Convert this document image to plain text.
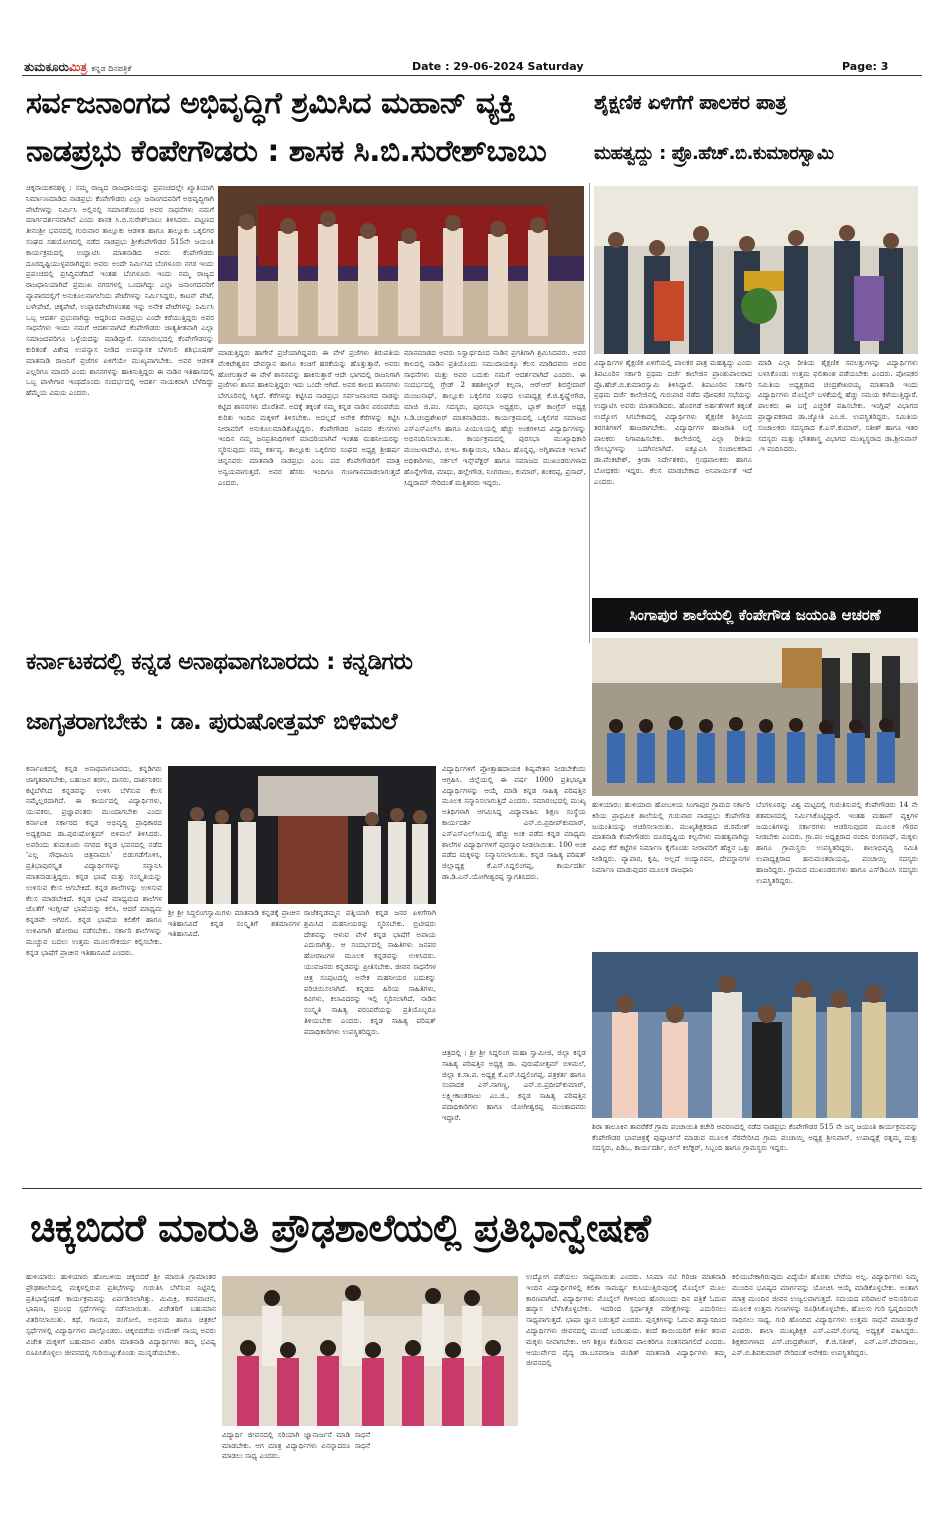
ತುಮಕೂರುಮಿತ್ರ ಕನ್ನಡ ದಿನಪತ್ರಿಕೆ	Date : 29-06-2024 Saturday	Page: 3
ಸರ್ವಜನಾಂಗದ ಅಭಿವೃದ್ಧಿಗೆ ಶ್ರಮಿಸಿದ ಮಹಾನ್ ವ್ಯಕ್ತಿ
ನಾಡಪ್ರಭು ಕೆಂಪೇಗೌಡರು : ಶಾಸಕ ಸಿ.ಬಿ.ಸುರೇಶ್‌ಬಾಬು
ಚಿಕ್ಕನಾಯಕನಹಳ್ಳಿ : ನಮ್ಮ ರಾಜ್ಯದ ರಾಜಧಾನಿಯನ್ನು ಪ್ರಪಂಚದಲ್ಲೇ ಖ್ಯಾತಿಯಾಗಿ ನಿರ್ಮಾಣಮಾಡಿದ ನಾಡಪ್ರಭು ಕೆಂಪೇಗೌಡರು ಎಲ್ಲಾ ಜನಾಂಗದವರಿಗೆ ಅಭಿವೃದ್ಧಿಗಾಗಿ ಪೇಟೆಗಳನ್ನು ನಿರ್ಮಿಸಿ ಅಲ್ಲಿನಲ್ಲಿ ಸಮಾನತೆಯಿಂದ ಅವರ ಸಾಧನೆಗಳು ನಮಗೆ ಮಾರ್ಗದರ್ಶನವಾಗಿವೆ ಎಂದು ಶಾಸಕ ಸಿ.ಬಿ.ಸುರೇಶ್‌ಬಾಬು ತಿಳಿಸಿದರು. ಪಟ್ಟಣದ ತೀನಂಶ್ರೀ ಭವನದಲ್ಲಿ ಗುರುವಾರ ತಾಲ್ಲೂಕು ಆಡಳಿತ ಹಾಗೂ ತಾಲ್ಲೂಕು ಒಕ್ಕಲಿಗರ ಸಂಘದ ಸಹಯೋಗದಲ್ಲಿ ನಡೆದ ನಾಡಪ್ರಭು ಶ್ರೀಕೆಂಪೇಗೌಡರ 515ನೇ ಜಯಂತಿ ಕಾರ್ಯಕ್ರಮದಲ್ಲಿ ಉದ್ಘಾಟಿಸಿ ಮಾತನಾಡಿದ ಅವರು ಕೆಂಪೇಗೌಡರು ದೂರದೃಷ್ಟಿಯುಳ್ಳವರಾಗಿದ್ದರು ಅವರು ಅಂದೇ ನಿರ್ಮಿಸಿದ ಬೆಂಗಳೂರು ನಗರ ಇಂದು ಪ್ರಪಂಚದಲ್ಲಿ ಪ್ರಸಿದ್ಧಿಪಡೆದಿದೆ ಇಂತಹ ಬೆಂಗಳೂರು ಇಂದು ನಮ್ಮ ರಾಜ್ಯದ ರಾಜಧಾನಿಯಾಗಿದೆ ಪ್ರಮುಖ ನಗರಗಳಲ್ಲಿ ಒಂದಾಗಿದ್ದು ಎಲ್ಲಾ ಜನಾಂಗದವರಿಗೆ ವ್ಯಾಪಾರದಲ್ಲಿಗೆ ಅನುಕೂಲವಾಗಲೆಂದು ಪೇಟೆಗಳನ್ನು ನಿರ್ಮಿಸಿದ್ದರು, ಕಾಟನ್ ಪೇಟೆ, ಬಳೇಪೇಟೆ, ಚಿಕ್ಕಪೇಟೆ, ಉಪ್ಪಾರಪೇಟೆಗಳಂತಹ ಇನ್ನು ಅನೇಕ ಪೇಟೆಗಳನ್ನು ನಿರ್ಮಿಸಿ ಒಬ್ಬ ಆದರ್ಶ ಪ್ರಭುವಾಗಿದ್ದು ಆದ್ದರಿಂದ ನಾಡಪ್ರಭು ಎಂದೇ ಕರೆಯುತ್ತಿದ್ದರು ಅವರ ಸಾಧನೆಗಳು ಇಂದು ನಮಗೆ ಆದರ್ಶವಾಗಿದೆ ಕೆಂಪೇಗೌಡರು ಜಾತ್ಯತೀತವಾಗಿ ಎಲ್ಲಾ ಸಮಾಜದವರಿಗೂ ಒಳ್ಳೆಯದನ್ನು ಮಾಡಿದ್ದಾರೆ. ಸಮಾರಂಭದಲ್ಲಿ ಕೆಂಪೇಗೌಡರನ್ನು ಕುರಿತಂತೆ ವಿಶೇಷ ಉಪನ್ಯಾಸ ನೀಡಿದ ಉಪನ್ಯಾಸಕ ಬೆಳಗುಲಿ ಶಶಿಭೂಷಣ್ ಮಾತನಾಡಿ ರಾಜನಿಗೆ ಪ್ರಜೆಗಳ ಏಳಿಗೆಯೇ ಮುಖ್ಯವಾಗಬೇಕು. ಅವರ ಆಡಳಿತ ಎಲ್ಲರಿಗೂ ಮಾದರಿ ಎಂದು ಶಾಸನಗಳನ್ನು ಹಾಕಿಸುತ್ತಿದ್ದರು ಈ ನಾಡಿನ ಇತಿಹಾಸದಲ್ಲಿ ಒಬ್ಬ ಪಾಳೇಗಾರ ಇಂಥದೊಂದು ಸಂದರ್ಭದಲ್ಲಿ ಆದರ್ಶ ನಾಯಕರಾಗಿ ಬೆಳೆದಿದ್ದು ಹೆಮ್ಮೆಯ ವಿಷಯ ಎಂದರು.
ಮಾಡುತ್ತಿದ್ದರು ಹಾಗೇನೆ ಪ್ರಜೆಯಾಗಿದ್ದವರು ಈ ವೇಳೆ ಪ್ರಜೆಗಳು ತಿರುಪತಿಯ ವೆಂಕಟೇಶ್ವರನ ದೇವಸ್ಥಾನ ಹಾಗೂ ಕಂಚಿಗೆ ಹರಕೆಯನ್ನು ಹೊತ್ತುತ್ತಾರೆ. ಅವರು ಹೋಗುತ್ತಾರೆ ಈ ವೇಳೆ ಶಾಸನವನ್ನು ಹಾಕಿಸುತ್ತಾರೆ ಆದೇ ಭಾಗದಲ್ಲಿ ರಾಜನಿಗಾಗಿ ಪ್ರಜೆಗಳು ಶಾಸನ ಹಾಕಿಸುತ್ತಿದ್ದರು ಇದು ಒಂದೇ ಆಗಿದೆ. ಅವರ ಕಾಲದ ಶಾಸನಗಳು ಬೇಗೂರಿನಲ್ಲಿ ಸಿಕ್ಕಿದೆ. ಕೆರೆಗಳನ್ನು ಕಟ್ಟಿಸಿದ ನಾಡಪ್ರಭು ಸರ್ವಜನಾಂಗದ ನಾಡನ್ನು ಕಟ್ಟಿದ ಶಾಸನಗಳು ದೊರೆತಿವೆ. ಅದಕ್ಕೆ ತಕ್ಕಂತೆ ನಮ್ಮ ಕನ್ನಡ ನಾಡಿನ ಪರಂಪರೆಯ ಕುರಿತು ಇಂದಿನ ಮಕ್ಕಳಿಗೆ ತಿಳಿಸಬೇಕು. ಅದಲ್ಲದೆ ಅನೇಕ ಕೆರೆಗಳನ್ನು ಕಟ್ಟಿಸಿ ನೀರಾವರಿಗೆ ಅನುಕೂಲಮಾಡಿಕೊಟ್ಟಿದ್ದರು. ಕೆಂಪೇಗೌಡರ ಜನಪರ ಕೆಲಸಗಳು ಇಂದಿನ ನಮ್ಮ ಜನಪ್ರತಿನಿಧಿಗಳಿಗೆ ಮಾದರಿಯಾಗಿವೆ ಇಂತಹ ಮಹನೀಯರನ್ನು ಸ್ಮರಿಸುವುದು ನಮ್ಮ ಕರ್ತವ್ಯ. ತಾಲ್ಲೂಕು ಒಕ್ಕಲಿಗರ ಸಂಘದ ಅಧ್ಯಕ್ಷ ಶ್ರೀಹರ್ಷ ಚಿನ್ನನವರು ಮಾತನಾಡಿ ನಾಡಪ್ರಭು ಎಂಬ ಪದ ಕೆಂಪೇಗೌಡರಿಗೆ ಮಾತ್ರ ಅನ್ವಯವಾಗುತ್ತದೆ. ಅವರ ಹೆಸರು ಇಂದಿಗೂ ಗುಣಗಾನಮಾಡಲಾಗುತ್ತದೆ ಎಂದರು.
ಮಾನಮಾಡದ ಅವರು ನಿಸ್ವಾರ್ಥದಿಂದ ನಾಡಿನ ಪ್ರಗತಿಗಾಗಿ ಶ್ರಮಿಸಿದವರು. ಅವರ ಕಾಲದಲ್ಲಿ ನಾಡಿನ ಪ್ರತಿಯೊಂದು ಸಮುದಾಯಕ್ಕೂ ಕೆಲಸ ಮಾಡಿದವರು ಅವರ ಸಾಧನೆಗಳು ಮತ್ತು ಅವರ ಬದುಕು ನಮಗೆ ಆದರ್ಶವಾಗಿದೆ ಎಂದರು. ಈ ಸಂದರ್ಭದಲ್ಲಿ ಗ್ರೇಡ್ 2 ತಹಶೀಲ್ದಾರ್ ಕಲ್ಪನಾ, ಆರ್‌ಆರ್ ಶಿರಸ್ತೇದಾರ್ ಮಂಜುನಾಥ್, ತಾಲ್ಲೂಕು ಒಕ್ಕಲಿಗರ ಸಂಘದ ಉಪಾಧ್ಯಕ್ಷ ಕೆ.ಜಿ.ಕೃಷ್ಣೇಗೌಡ, ಮಾಜಿ ಜಿ.ಪಂ. ಸದಸ್ಯರು, ಪುರಸಭಾ ಅಧ್ಯಕ್ಷರು, ಬ್ಲಾಕ್ ಕಾಂಗ್ರೆಸ್ ಅಧ್ಯಕ್ಷ ಸಿ.ಡಿ.ಚಂದ್ರಶೇಖರ್ ಮಾತನಾಡಿದರು. ಕಾರ್ಯಕ್ರಮದಲ್ಲಿ ಒಕ್ಕಲಿಗರ ಸಮಾಜದ ಎಸ್‌ಎಸ್‌ಎಲ್‌ಸಿ ಹಾಗೂ ಪಿಯುಸಿಯಲ್ಲಿ ಹೆಚ್ಚು ಅಂಕಗಳಿಸಿದ ವಿದ್ಯಾರ್ಥಿಗಳನ್ನು ಅಭಿನಂದಿಸಲಾಯಿತು. ಕಾರ್ಯಕ್ರಮದಲ್ಲಿ ಪುರಸಭಾ ಮುಖ್ಯಾಧಿಕಾರಿ ಮಂಜುಳಾದೇವಿ, ಬಿಇಒ ಕಾತ್ಯಾಯಿನಿ, ಸಿಡಿಪಿಒ ಹೊನ್ನಪ್ಪ, ಅಗ್ನಿಶಾಮಕ ಇಲಾಖೆ ಅಧಿಕಾರಿಗಳು, ಸರ್ಕಲ್ ಇನ್ಸ್‌ಪೆಕ್ಟರ್ ಹಾಗೂ ಸಮಾಜದ ಮುಖಂಡರುಗಳಾದ ಹೊನ್ನೇಗೌಡ, ಮಾಧು, ಹಲ್ಲೇಗೌಡ, ನಿಂಗರಾಜು, ಕುಮಾರ್, ಶಂಕರಪ್ಪ, ಪ್ರಸಾದ್, ಸಿದ್ದರಾಮ್ ಸೇರಿದಂತೆ ಮತ್ತಿತರರು ಇದ್ದರು.
ಶೈಕ್ಷಣಿಕ ಏಳಿಗೆಗೆ ಪಾಲಕರ ಪಾತ್ರ
ಮಹತ್ವದ್ದು : ಪ್ರೊ.ಹೆಚ್.ಬಿ.ಕುಮಾರಸ್ವಾಮಿ
ವಿದ್ಯಾರ್ಥಿಗಳ ಶೈಕ್ಷಣಿಕ ಏಳಿಗೆಯಲ್ಲಿ ಪಾಲಕರ ಪಾತ್ರ ಮಹತ್ವದ್ದು ಎಂದು ತಿಪಟೂರಿನ ಸರ್ಕಾರಿ ಪ್ರಥಮ ದರ್ಜೆ ಕಾಲೇಜಿನ ಪ್ರಾಂಶುಪಾಲರಾದ ಪ್ರೊ.ಹೆಚ್.ಬಿ.ಕುಮಾರಸ್ವಾಮಿ ತಿಳಿಸಿದ್ದಾರೆ. ತಿಪಟೂರಿನ ಸರ್ಕಾರಿ ಪ್ರಥಮ ದರ್ಜೆ ಕಾಲೇಜಿನಲ್ಲಿ ಗುರುವಾರ ನಡೆದ ಪೋಷಕರ ಸಭೆಯನ್ನು ಉದ್ಘಾಟಿಸಿ ಅವರು ಮಾತನಾಡಿದರು. ಹೊರಗಡೆ ಅರ್ಹತೆಗಳಿಗೆ ತಕ್ಕಂತೆ ಉದ್ಯೋಗ ಸಿಗಬೇಕಾದಲ್ಲಿ ವಿದ್ಯಾರ್ಥಿಗಳು ಶೈಕ್ಷಣಿಕ ಶಿಸ್ತಿನಿಂದ ತರಗತಿಗಳಿಗೆ ಹಾಜರಾಗಬೇಕು. ವಿದ್ಯಾರ್ಥಿಗಳ ಹಾಜರಾತಿ ಬಗ್ಗೆ ಪಾಲಕರು ನಿಗಾವಹಿಸಬೇಕು. ಕಾಲೇಜಿನಲ್ಲಿ ಎಲ್ಲಾ ರೀತಿಯ ಸೌಲಭ್ಯಗಳನ್ನು ಒದಗಿಸಲಾಗಿದೆ. ಐಕ್ಯೂಎಸಿ ಸಂಚಾಲಕರಾದ ಡಾ.ವೆಂಕಟೇಶ್, ಕ್ರೀಡಾ ನಿರ್ದೇಶಕರು, ಗ್ರಂಥಪಾಲಕರು ಹಾಗೂ ಬೋಧಕರು ಇದ್ದರು. ಕೆಲಸ ಮಾಡಬೇಕಾದ ಅನಿವಾರ್ಯತೆ ಇದೆ ಎಂದರು.
ಮಾಡಿ ಎಲ್ಲಾ ರೀತಿಯ ಶೈಕ್ಷಣಿಕ ಸವಲತ್ತುಗಳನ್ನು ವಿದ್ಯಾರ್ಥಿಗಳು ಬಳಸಿಕೊಂಡು ಉತ್ತಮ ಫಲಿತಾಂಶ ಪಡೆಯಬೇಕು ಎಂದರು. ಪೋಷಕರ ಸಮಿತಿಯ ಅಧ್ಯಕ್ಷರಾದ ಚಂದ್ರಶೇಖರಯ್ಯ ಮಾತನಾಡಿ ಇಂದು ವಿದ್ಯಾರ್ಥಿಗಳು ಮೊಬೈಲ್ ಬಳಕೆಯಲ್ಲಿ ಹೆಚ್ಚು ಸಮಯ ಕಳೆಯುತ್ತಿದ್ದಾರೆ. ಪಾಲಕರು ಈ ಬಗ್ಗೆ ಎಚ್ಚರಿಕೆ ವಹಿಸಬೇಕು. ಇಂಗ್ಲಿಷ್ ವಿಭಾಗದ ಪ್ರಾಧ್ಯಾಪಕರಾದ ಡಾ.ಜ್ಯೋತಿ ಎಂ.ಜಿ. ಉಪಸ್ಥಿತರಿದ್ದರು. ಸಮಿತಿಯ ಸಂಚಾಲಕರು ಸದಸ್ಯರಾದ ಕೆ.ಎಸ್.ಕುಮಾರ್, ಸತೀಶ್ ಹಾಗೂ ಇತರ ಸದಸ್ಯರು ಮತ್ತು ಭೌತಶಾಸ್ತ್ರ ವಿಭಾಗದ ಮುಖ್ಯಸ್ಥರಾದ ಡಾ.ಶ್ರೀನಿವಾಸ್ .ಇ ವಂದಿಸಿದರು.
ಸಿಂಗಾಪುರ ಶಾಲೆಯಲ್ಲಿ ಕೆಂಪೇಗೌಡ ಜಯಂತಿ ಆಚರಣೆ
ಹುಳಿಯಾರು: ಹುಳಿಯಾರು ಹೋಬಳಿಯ ಸಿಂಗಾಪುರ ಗ್ರಾಮದ ಸರ್ಕಾರಿ ಕಿರಿಯ ಪ್ರಾಥಮಿಕ ಶಾಲೆಯಲ್ಲಿ ಗುರುವಾರ ನಾಡಪ್ರಭು ಕೆಂಪೇಗೌಡ ಜಯಂತಿಯನ್ನು ಆಚರಿಸಲಾಯಿತು. ಮುಖ್ಯಶಿಕ್ಷಕರಾದ ಜಿ.ರಮೇಶ್ ಮಾತನಾಡಿ ಕೆಂಪೇಗೌಡರು ದೂರದೃಷ್ಟಿಯ ಕಲ್ಪನೆಗಳು ಮಹತ್ವವಾಗಿದ್ದು ವಿವಿಧ ಕೆರೆ ಕಟ್ಟೆಗಳ ನಿರ್ಮಾಣ ಕೈಗೊಂಡು ನೀರಾವರಿಗೆ ಹೆಚ್ಚಿನ ಒತ್ತು ನೀಡಿದ್ದರು. ವ್ಯಾಪಾರ, ಕೃಷಿ, ಅಲ್ಲದೆ ಉದ್ಯಾನವನ, ದೇವಸ್ಥಾನಗಳ ನಿರ್ಮಾಣ ಮಾಡುವುದರ ಮೂಲಕ ರಾಜಧಾನಿ
ಬೆಂಗಳೂರನ್ನು ವಿಶ್ವ ಮಟ್ಟದಲ್ಲಿ ಗುರುತಿಸುವಲ್ಲಿ ಕೆಂಪೇಗೌಡರು 14 ನೇ ಶತಮಾನದಲ್ಲಿ ನಿರ್ಮಿಸಿಕೊಟ್ಟಿದ್ದಾರೆ. ಇಂತಹ ಮಹಾನ್ ವ್ಯಕ್ತಿಗಳ ಜಯಂತಿಗಳನ್ನು ಸರ್ಕಾರಗಳು ಆಚರಿಸುವುದರ ಮೂಲಕ ಗೌರವ ನೀಡಬೇಕು ಎಂದರು. ಗ್ರಾ.ಪಂ ಅಧ್ಯಕ್ಷರಾದ ನಂದಿನಿ ರಂಗನಾಥ್, ಮಕ್ಕಳು ಹಾಗೂ ಗ್ರಾಮಸ್ಥರು ಉಪಸ್ಥಿತರಿದ್ದರು. ಶಾಲಾಭಿವೃದ್ಧಿ ಸಮಿತಿ ಉಪಾಧ್ಯಕ್ಷರಾದ ಹನುಮಂತರಾಯಪ್ಪ, ಪಂಚಾಯ್ತಿ ಸದಸ್ಯರು ಹಾಜರಿದ್ದರು. ಗ್ರಾಮದ ಮುಖಂಡರುಗಳು ಹಾಗೂ ಎಸ್‌ಡಿಎಂಸಿ ಸದಸ್ಯರು ಉಪಸ್ಥಿತರಿದ್ದರು.
ಶಿರಾ ತಾಲೂಕಿನ ತಾವರೆಕೆರೆ ಗ್ರಾಮ ಪಂಚಾಯಿತಿ ಕಚೇರಿ ಆವರಣದಲ್ಲಿ ನಡೆದ ನಾಡಪ್ರಭು ಕೆಂಪೇಗೌಡರ 515 ನೇ ಜನ್ಮ ಜಯಂತಿ ಕಾರ್ಯಕ್ರಮವನ್ನು ಕೆಂಪೇಗೌಡರ ಭಾವಚಿತ್ರಕ್ಕೆ ಪುಷ್ಪಾರ್ಚನೆ ಮಾಡುವ ಮೂಲಕ ನೆರವೇರಿಸಿದ ಗ್ರಾಮ ಪಂಚಾಯ್ತಿ ಅಧ್ಯಕ್ಷ ಶ್ರೀನಿವಾಸ್, ಉಪಾಧ್ಯಕ್ಷೆ ರತ್ನಮ್ಮ ಮತ್ತು ಸದಸ್ಯರು, ಪಿಡಿಒ, ಕಾರ್ಯದರ್ಶಿ, ಬಿಲ್ ಕಲೆಕ್ಟರ್, ಸಿಬ್ಬಂದಿ ಹಾಗೂ ಗ್ರಾಮಸ್ಥರು ಇದ್ದರು.
ಕರ್ನಾಟಕದಲ್ಲಿ ಕನ್ನಡ ಅನಾಥವಾಗಬಾರದು : ಕನ್ನಡಿಗರು
ಜಾಗೃತರಾಗಬೇಕು : ಡಾ. ಪುರುಷೋತ್ತಮ್ ಬಿಳಿಮಲೆ
ಕರ್ನಾಟಕದಲ್ಲಿ ಕನ್ನಡ ಅನಾಥವಾಗಬಾರದು, ಕನ್ನಡಿಗರು ಜಾಗೃತರಾಗಬೇಕು, ಬಹುಜನ ತರಗು, ದಾಸರು, ದಾರ್ಶನಿಕರು ಕಟ್ಟಿಬೆಳೆಸಿದ ಕನ್ನಡವನ್ನು ಉಳಿಸಿ ಬೆಳೆಸುವ ಕೆಲಸ ನಮ್ಮೆಲ್ಲರದಾಗಿದೆ. ಈ ಕಾರ್ಯದಲ್ಲಿ ವಿದ್ಯಾರ್ಥಿಗಳು, ಯುವಕರು, ಪ್ರಜ್ಞಾವಂತರು ಮುಂದಾಗಬೇಕು ಎಂದು ಕರ್ನಾಟಕ ಸರ್ಕಾರದ ಕನ್ನಡ ಅಭಿವೃದ್ಧಿ ಪ್ರಾಧಿಕಾರದ ಅಧ್ಯಕ್ಷರಾದ ಡಾ.ಪುರುಷೋತ್ತಮ್ ಬಿಳಿಮಲೆ ತಿಳಿಸಿದರು. ಅವರಿಂದು ತುಮಕೂರು ನಗರದ ಕನ್ನಡ ಭವನದಲ್ಲಿ ನಡೆದ 'ಎಲ್ಲ ಸೌಧಾಮಿನಿ ಚಿತ್ರನಾಮಸಿ' ಬಿಡುಗಡೆಗೊಳಿಸಿ, ಪ್ರತಿಭಾಪುರಸ್ಕೃತ ವಿದ್ಯಾರ್ಥಿಗಳನ್ನು ಸನ್ಮಾನಿಸಿ ಮಾತನಾಡುತ್ತಿದ್ದರು. ಕನ್ನಡ ಭಾಷೆ ಮತ್ತು ಸಂಸ್ಕೃತಿಯನ್ನು ಉಳಿಸುವ ಕೆಲಸ ಆಗಬೇಕಿದೆ. ಕನ್ನಡ ಶಾಲೆಗಳನ್ನು ಉಳಿಸುವ ಕೆಲಸ ಮಾಡಬೇಕಿದೆ. ಕನ್ನಡ ಭಾಷೆ ಮಾಧ್ಯಮದ ಶಾಲೆಗಳ ಜೊತೆಗೆ ಇಂಗ್ಲೀಷ್ ಭಾಷೆಯನ್ನು ಕಲಿಸಿ, ಆದರೆ ಮಾಧ್ಯಮ ಕನ್ನಡವೇ ಆಗಿರಲಿ. ಕನ್ನಡ ಭಾಷೆಯ ಕಲಿಕೆಗೆ ಹಾಗೂ ಉಳಿವಿಗಾಗಿ ಹೋರಾಟ ನಡೆಸಬೇಕು. ಸರ್ಕಾರಿ ಶಾಲೆಗಳನ್ನು ಮುಚ್ಚುವ ಬದಲು ಉತ್ತಮ ಮೂಲಸೌಕರ್ಯ ಕಲ್ಪಿಸಬೇಕು. ಕನ್ನಡ ಭಾಷೆಗೆ ಪ್ರಾಚೀನ ಇತಿಹಾಸವಿದೆ ಎಂದರು.
ಶ್ರೀ ಶ್ರೀ ಸಿದ್ಧಲಿಂಗಸ್ವಾಮಿಗಳು ಮಾತನಾಡಿ ಕನ್ನಡಕ್ಕೆ ಪ್ರಾಚೀನ ಇತಿಹಾಸವಿದೆ ಕನ್ನಡ ಸಂಸ್ಕೃತಿಗೆ ಶತಮಾನಗಳ ಇತಿಹಾಸವಿದೆ.
ರಾಜೆಕನ್ನಡಮ್ಮನ ಪತ್ನಿಯಾಗಿ ಕನ್ನಡ ಜನರ ಏಳಿಗೆಗಾಗಿ ಶ್ರಮಿಸಿದ ಮಹನೀಯರನ್ನು ಸ್ಮರಿಸಬೇಕು. ಬ್ರಿಟೀಷರು ದೇಶವನ್ನು ಆಳುವ ವೇಳೆ ಕನ್ನಡ ಭಾಷೆಗೆ ಅಪಾಯ ಎದುರಾಗಿತ್ತು. ಆ ಸಂದರ್ಭದಲ್ಲಿ ಸಾಹಿತಿಗಳು ಜನಪರ ಹೋರಾಟಗಳ ಮೂಲಕ ಕನ್ನಡವನ್ನು ಉಳಿಸಿದರು. ಯುವಜನರು ಕನ್ನಡವನ್ನು ಪ್ರೀತಿಸಬೇಕು. ಜೀವನ ಸಾಧನೆಗಳ ಚಿತ್ರ ಸಂಪುಟದಲ್ಲಿ ಅನೇಕ ಮಹನೀಯರ ಬದುಕನ್ನು ಪರಿಚಯಿಸಲಾಗಿದೆ. ಕನ್ನಡದ ಹಿರಿಯ ಸಾಹಿತಿಗಳು, ಕವಿಗಳು, ಕಲಾವಿದರನ್ನು ಇಲ್ಲಿ ಸ್ಮರಿಸಲಾಗಿದೆ. ನಾಡಿನ ಸಂಸ್ಕೃತಿ ಸಾಹಿತ್ಯ ಪರಂಪರೆಯನ್ನು ಪ್ರತಿಯೊಬ್ಬರೂ ತಿಳಿಯಬೇಕು ಎಂದರು. ಕನ್ನಡ ಸಾಹಿತ್ಯ ಪರಿಷತ್ ಪದಾಧಿಕಾರಿಗಳು ಉಪಸ್ಥಿತರಿದ್ದರು.
ವಿದ್ಯಾರ್ಥಿಗಳಿಗೆ ಪ್ರೋತ್ಸಾಹದಾಯಕ ಶಿಷ್ಯವೇತನ ನೀಡಬೇಕೆಂದು ಆಗ್ರಹಿಸಿ. ಜಿಲ್ಲೆಯಲ್ಲಿ ಈ ವರ್ಷ 1000 ಪ್ರತಿಭಾನ್ವಿತ ವಿದ್ಯಾರ್ಥಿಗಳನ್ನು ಆಯ್ಕೆ ಮಾಡಿ ಕನ್ನಡ ಸಾಹಿತ್ಯ ಪರಿಷತ್ತಿನ ಮೂಲಕ ಸನ್ಮಾನಿಸಲಾಗುತ್ತಿದೆ ಎಂದರು. ಸಮಾರಂಭದಲ್ಲಿ ಮುಖ್ಯ ಅತಿಥಿಗಳಾಗಿ ಆಗಮಿಸಿದ್ದ ವಿದ್ಯಾವಾಹಿನಿ ಶಿಕ್ಷಣ ಸಂಸ್ಥೆಯ ಕಾರ್ಯದರ್ಶಿ ಎನ್.ಬಿ.ಪ್ರದೀಪ್‌ಕುಮಾರ್, ಎಸ್‌ಎಸ್‌ಎಲ್‌ಸಿಯಲ್ಲಿ ಹೆಚ್ಚು ಅಂಕ ಪಡೆದ ಕನ್ನಡ ಮಾಧ್ಯಮ ಶಾಲೆಗಳ ವಿದ್ಯಾರ್ಥಿಗಳಿಗೆ ಪುರಸ್ಕಾರ ನೀಡಲಾಯಿತು. 100 ಅಂಕ ಪಡೆದ ಮಕ್ಕಳನ್ನು ಸನ್ಮಾನಿಸಲಾಯಿತು. ಕನ್ನಡ ಸಾಹಿತ್ಯ ಪರಿಷತ್ ಜಿಲ್ಲಾಧ್ಯಕ್ಷ ಕೆ.ಎಸ್.ಸಿದ್ದಲಿಂಗಪ್ಪ, ಕಾರ್ಯದರ್ಶಿ ಡಾ.ಡಿ.ಎನ್.ಯೋಗೀಶ್ವರಪ್ಪ ಸ್ವಾಗತಿಸಿದರು.
ಚಿತ್ರದಲ್ಲಿ : ಶ್ರೀ ಶ್ರೀ ಸಿದ್ದಲಿಂಗ ಮಹಾ ಸ್ವಾಮೀಜಿ, ಜಿಲ್ಲಾ ಕನ್ನಡ ಸಾಹಿತ್ಯ ಪರಿಷತ್ತಿನ ಅಧ್ಯಕ್ಷ ಡಾ. ಪುರುಷೋತ್ತಮ್ ಬಿಳಿಮಲೆ, ಜಿಲ್ಲಾ ಕ.ಸಾ.ಪ. ಅಧ್ಯಕ್ಷ ಕೆ.ಎಸ್.ಸಿದ್ದಲಿಂಗಪ್ಪ, ಪತ್ರಕರ್ತ ಹಾಗೂ ಸಂಪಾದಕ ಎಸ್.ನಾಗಣ್ಣ, ಎನ್.ಬಿ.ಪ್ರದೀಪ್‌ಕುಮಾರ್, ಲಕ್ಷ್ಮೀಕಾಂತರಾಜು ಎಂ.ಜಿ., ಕನ್ನಡ ಸಾಹಿತ್ಯ ಪರಿಷತ್ತಿನ ಪದಾಧಿಕಾರಿಗಳು ಹಾಗೂ ಯೋಗೀಶ್ವರಪ್ಪ ಮುಂತಾದವರು ಇದ್ದಾರೆ.
ಚಿಕ್ಕಬಿದರೆ ಮಾರುತಿ ಪ್ರೌಢಶಾಲೆಯಲ್ಲಿ ಪ್ರತಿಭಾನ್ವೇಷಣೆ
ಹುಳಿಯಾರು: ಹುಳಿಯಾರು ಹೋಬಳಿಯ ಚಿಕ್ಕಬಿದರೆ ಶ್ರೀ ಮಾರುತಿ ಗ್ರಾಮಾಂತರ ಪ್ರೌಢಶಾಲೆಯಲ್ಲಿ ಮಕ್ಕಳಲ್ಲಿರುವ ಪ್ರತಿಭೆಗಳನ್ನು ಗುರುತಿಸಿ ಬೆಳೆಸುವ ನಿಟ್ಟಿನಲ್ಲಿ ಪ್ರತಿಭಾನ್ವೇಷಣೆ ಕಾರ್ಯಕ್ರಮವನ್ನು ಏರ್ಪಡಿಸಲಾಗಿತ್ತು. ಮಿಮಿಕ್ರಿ, ಕವನವಾಚನ, ಭಾಷಣ, ಪ್ರಬಂಧ ಸ್ಪರ್ಧೆಗಳನ್ನು ನಡೆಸಲಾಯಿತು. ವಿಜೇತರಿಗೆ ಬಹುಮಾನ ವಿತರಿಸಲಾಯಿತು. ಕಥೆ, ಗಾಯನ, ರಂಗೋಲಿ, ಅಭಿನಯ ಹಾಗೂ ಚಿತ್ರಕಲೆ ಸ್ಪರ್ಧೆಗಳಲ್ಲಿ ವಿದ್ಯಾರ್ಥಿಗಳು ಪಾಲ್ಗೊಂಡರು. ಚಿಕ್ಕಬಿದರೆಯ ಉಮೇಶ್ ನಾಯ್ಕ ಅವರು ವಿಜೇತ ಮಕ್ಕಳಿಗೆ ಬಹುಮಾನ ವಿತರಿಸಿ ಮಾತನಾಡಿ ವಿದ್ಯಾರ್ಥಿಗಳು ತಮ್ಮ ಭವಿಷ್ಯ ರೂಪಿಸಿಕೊಳ್ಳಲು ಜೀವನದಲ್ಲಿ ಗುರಿಯಿಟ್ಟುಕೊಂಡು ಮುನ್ನಡೆಯಬೇಕು.
ವಿದ್ಯಾರ್ಥಿ ಜೀವನದಲ್ಲಿ ಸರಿಯಾಗಿ ಜ್ಞಾನಾರ್ಜನೆ ಮಾಡಿ ಸಾಧನೆ ಮಾಡಬೇಕು. ಆಗ ಮಾತ್ರ ವಿದ್ಯಾರ್ಥಿಗಳು ಏನನ್ನಾದರೂ ಸಾಧನೆ ಮಾಡಲು ಸಾಧ್ಯ ಎಂದರು.
ಉದ್ಯೋಗ ಪಡೆಯಲು ಸಾಧ್ಯವಾಯಿತು ಎಂದರು. ಸಿನಿಮಾ ನಟಿ ಗಿರಿಜಾ ಮಾತನಾಡಿ ಇಂದಿನ ವಿದ್ಯಾರ್ಥಿಗಳಲ್ಲಿ ಕಲಿಕಾ ಸಾಮರ್ಥ್ಯ ಕುಸಿಯುತ್ತಿರುವುದಕ್ಕೆ ಮೊಬೈಲ್ ಮೂಲ ಕಾರಣವಾಗಿದೆ. ವಿದ್ಯಾರ್ಥಿಗಳು ಮೊಬೈಲ್ ಗೀಳಿನಿಂದ ಹೊರಬಂದು ದಿನ ಪತ್ರಿಕೆ ಓದುವ ಹವ್ಯಾಸ ಬೆಳೆಸಿಕೊಳ್ಳಬೇಕು. ಇದರಿಂದ ಸ್ಪರ್ಧಾತ್ಮಕ ಪರೀಕ್ಷೆಗಳನ್ನು ಎದುರಿಸಲು ಸಾಧ್ಯವಾಗುತ್ತದೆ. ಭಾಷಾ ಜ್ಞಾನ ಬರುತ್ತದೆ ಎಂದರು. ಪುಸ್ತಕಗಳನ್ನು ಓದುವ ಹವ್ಯಾಸದಿಂದ ವಿದ್ಯಾರ್ಥಿಗಳು ಜೀವನದಲ್ಲಿ ಮುಂದೆ ಬರಬಹುದು. ತಂದೆ ತಾಯಿಯರಿಗೆ ಕೀರ್ತಿ ತರುವ ಮಕ್ಕಳು ನೀವಾಗಬೇಕು. ಆಗ ಶಿಕ್ಷಣ ಕೊಡಿಸುವ ಪಾಲಕರಿಗೂ ಸಂತಸವಾಗಲಿದೆ ಎಂದರು. ಆಯುರ್ವೇದ ವೈದ್ಯ ಡಾ.ಬಸವರಾಜ ಪಂಡಿತ್ ಮಾತನಾಡಿ ವಿದ್ಯಾರ್ಥಿಗಳು ತಮ್ಮ ಜೀವನದಲ್ಲಿ
ಕಲಿಯಬೇಕಾಗಿರುವುದು ವಿದ್ಯೆಯೇ ಹೊರತು ಬೇರೆಯ ಅಲ್ಲ. ವಿದ್ಯಾರ್ಥಿಗಳು ನಿಮ್ಮ ಮುಂದಿನ ಭವಿಷ್ಯದ ಮಾರ್ಗವನ್ನು ಯೋಚಿಸಿ ಆಯ್ಕೆ ಮಾಡಿಕೊಳ್ಳಬೇಕು. ಅಂತಾಗ ಮಾತ್ರ ಮುಂದಿನ ಜೀವನ ಉಜ್ವಲವಾಗುತ್ತದೆ. ಸಮಯದ ಪರಿಪಾಲನೆ ಅನುಸರಿಸುವ ಮೂಲಕ ಉತ್ತಮ ಗುಣಗಳನ್ನು ರೂಢಿಸಿಕೊಳ್ಳಬೇಕು. ಹೊಲಸು ಗುರಿ ಸ್ವಪ್ನದಿಂದಲೇ ಸಾಧಿಸಲು ಸಾಧ್ಯ. ಗುರಿ ಹೊಂದಿದ ವಿದ್ಯಾರ್ಥಿಗಳು ಉತ್ತಮ ಸಾಧನೆ ಮಾಡುತ್ತಾರೆ ಎಂದರು. ಶಾಲಾ ಮುಖ್ಯಶಿಕ್ಷಕ ಎಸ್.ಎಮ್.ಲಿಂಗಪ್ಪ ಅಧ್ಯಕ್ಷತೆ ವಹಿಸಿದ್ದರು. ಶಿಕ್ಷಕರುಗಳಾದ ಎಸ್.ಚಂದ್ರಶೇಖರ್, ಕೆ.ಜಿ.ಸತೀಶ್, ಎನ್.ಎಸ್.ದೇವರಾಜು, ಎಸ್.ಬಿ.ಶಿವಕುಮಾರ್ ಸೇರಿದಂತೆ ಅನೇಕರು ಉಪಸ್ಥಿತರಿದ್ದರು.
